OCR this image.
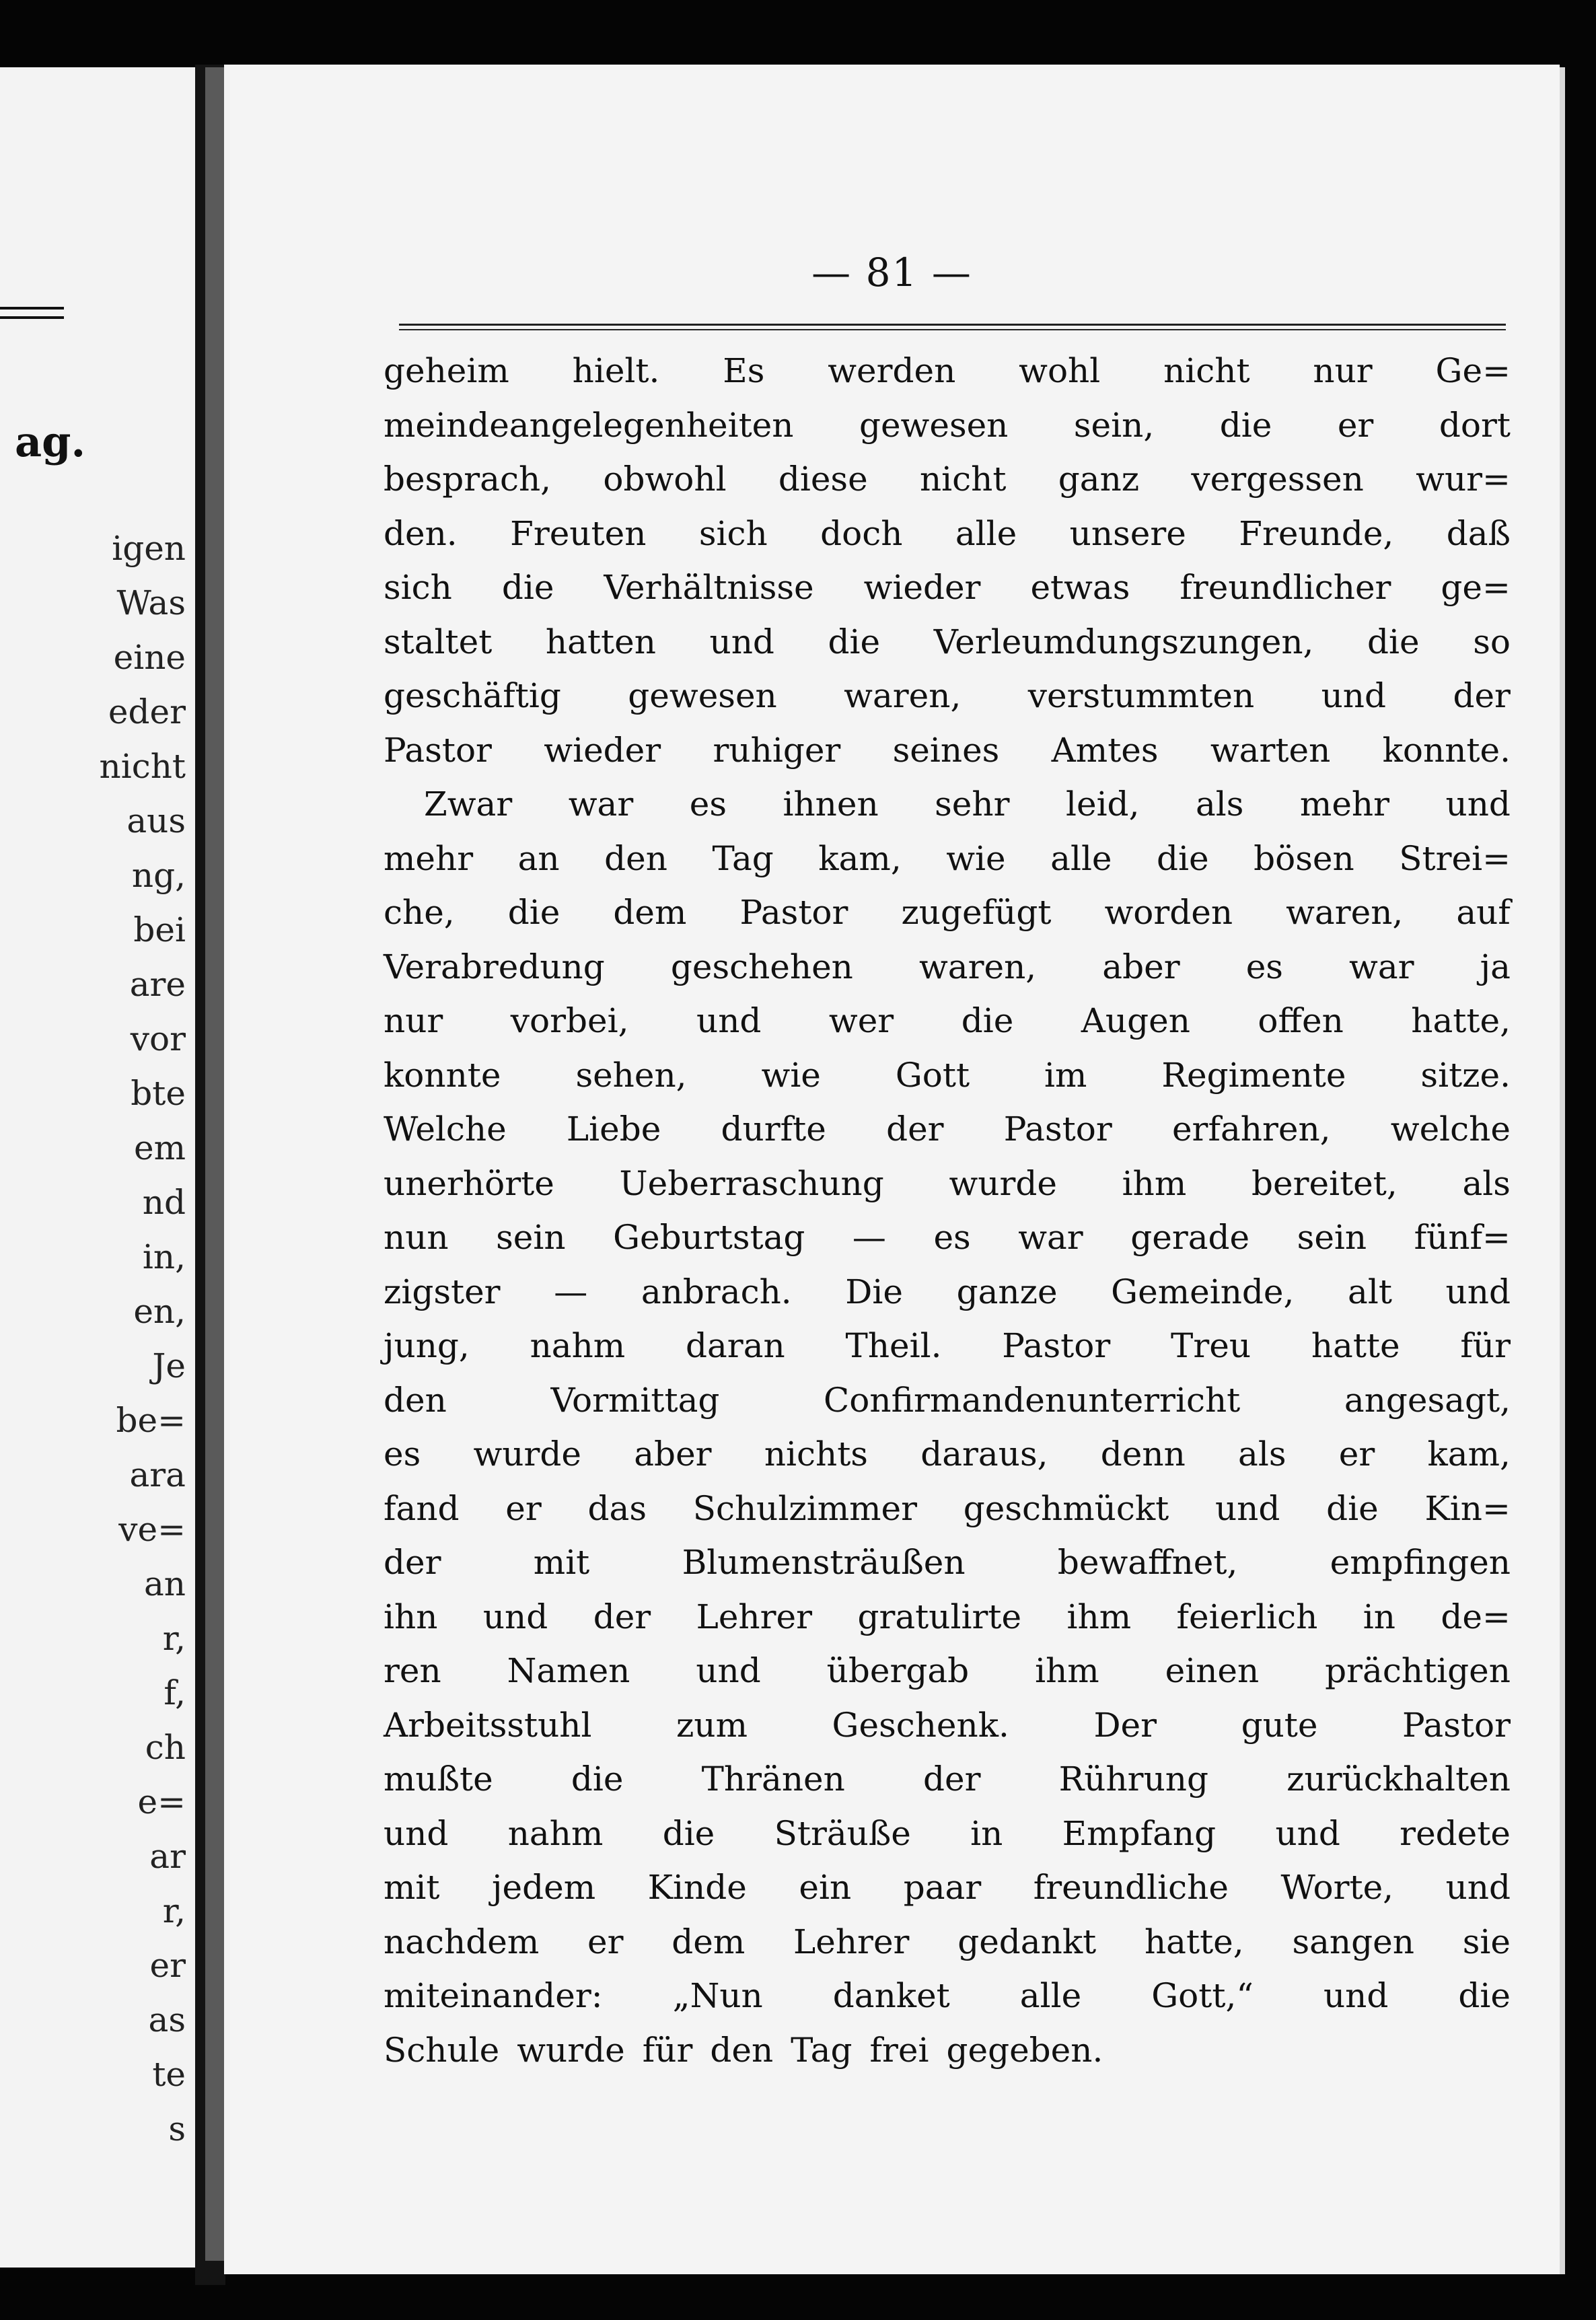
ag.
igen
Was
eine
eder
nicht
aus
ng,
bei
are
vor
bte
em
nd
in,
en,
Je
be=
ara
ve=
an
r,
f,
ch
e=
ar
r,
er
as
te
s
— 81 —
geheim hielt. Es werden wohl nicht nur Ge=
meindeangelegenheiten gewesen sein, die er dort
besprach, obwohl diese nicht ganz vergessen wur=
den. Freuten sich doch alle unsere Freunde, daß
sich die Verhältnisse wieder etwas freundlicher ge=
staltet hatten und die Verleumdungszungen, die so
geschäftig gewesen waren, verstummten und der
Pastor wieder ruhiger seines Amtes warten konnte.
Zwar war es ihnen sehr leid, als mehr und
mehr an den Tag kam, wie alle die bösen Strei=
che, die dem Pastor zugefügt worden waren, auf
Verabredung geschehen waren, aber es war ja
nur vorbei, und wer die Augen offen hatte,
konnte sehen, wie Gott im Regimente sitze.
Welche Liebe durfte der Pastor erfahren, welche
unerhörte Ueberraschung wurde ihm bereitet, als
nun sein Geburtstag — es war gerade sein fünf=
zigster — anbrach. Die ganze Gemeinde, alt und
jung, nahm daran Theil. Pastor Treu hatte für
den	Vormittag	Confirmandenunterricht	angesagt,
es wurde aber nichts daraus, denn als er kam,
fand er das Schulzimmer geschmückt und die Kin=
der	mit	Blumensträußen	bewaffnet,	empfingen
ihn und der Lehrer gratulirte ihm feierlich in de=
ren Namen und übergab ihm einen prächtigen
Arbeitsstuhl	zum	Geschenk.	Der	gute	Pastor
mußte die Thränen der Rührung zurückhalten
und nahm die Sträuße in Empfang und redete
mit jedem Kinde ein paar freundliche Worte, und
nachdem er dem Lehrer gedankt hatte, sangen sie
miteinander: „Nun danket alle Gott,“ und die
Schule wurde für den Tag frei gegeben.
